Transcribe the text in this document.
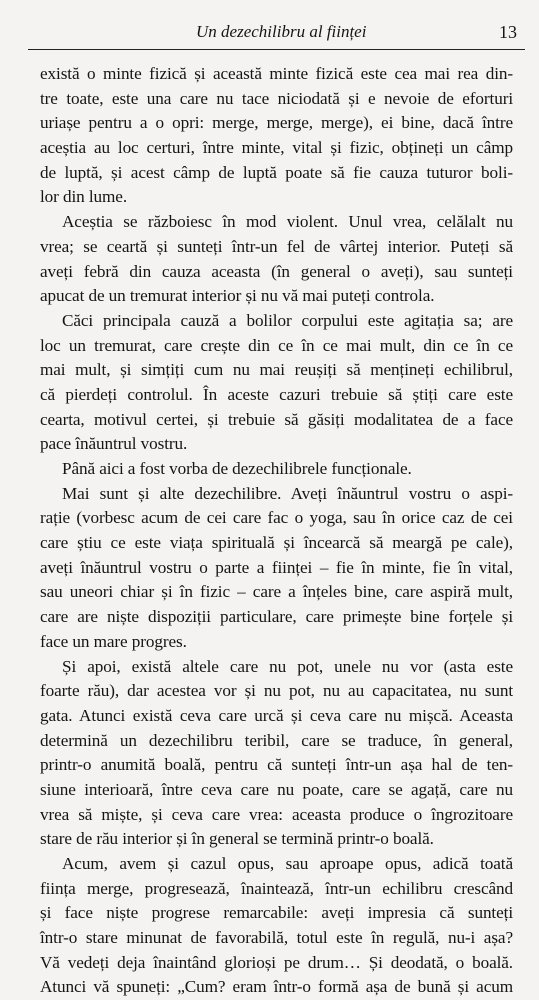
Un dezechilibru al ființei	13
există o minte fizică și această minte fizică este cea mai rea din-
tre toate, este una care nu tace niciodată și e nevoie de eforturi
uriașe pentru a o opri: merge, merge, merge), ei bine, dacă între
aceștia au loc certuri, între minte, vital și fizic, obțineți un câmp
de luptă, și acest câmp de luptă poate să fie cauza tuturor boli-
lor din lume.
Aceștia se războiesc în mod violent. Unul vrea, celălalt nu
vrea; se ceartă și sunteți într-un fel de vârtej interior. Puteți să
aveți febră din cauza aceasta (în general o aveți), sau sunteți
apucat de un tremurat interior și nu vă mai puteți controla.
Căci principala cauză a bolilor corpului este agitația sa; are
loc un tremurat, care crește din ce în ce mai mult, din ce în ce
mai mult, și simțiți cum nu mai reușiți să mențineți echilibrul,
că pierdeți controlul. În aceste cazuri trebuie să știți care este
cearta, motivul certei, și trebuie să găsiți modalitatea de a face
pace înăuntrul vostru.
Până aici a fost vorba de dezechilibrele funcționale.
Mai sunt și alte dezechilibre. Aveți înăuntrul vostru o aspi-
rație (vorbesc acum de cei care fac o yoga, sau în orice caz de cei
care știu ce este viața spirituală și încearcă să meargă pe cale),
aveți înăuntrul vostru o parte a ființei – fie în minte, fie în vital,
sau uneori chiar și în fizic – care a înțeles bine, care aspiră mult,
care are niște dispoziții particulare, care primește bine forțele și
face un mare progres.
Și apoi, există altele care nu pot, unele nu vor (asta este
foarte rău), dar acestea vor și nu pot, nu au capacitatea, nu sunt
gata. Atunci există ceva care urcă și ceva care nu mișcă. Aceasta
determină un dezechilibru teribil, care se traduce, în general,
printr-o anumită boală, pentru că sunteți într-un așa hal de ten-
siune interioară, între ceva care nu poate, care se agață, care nu
vrea să miște, și ceva care vrea: aceasta produce o îngrozitoare
stare de rău interior și în general se termină printr-o boală.
Acum, avem și cazul opus, sau aproape opus, adică toată
ființa merge, progresează, înaintează, într-un echilibru crescând
și face niște progrese remarcabile: aveți impresia că sunteți
într-o stare minunat de favorabilă, totul este în regulă, nu-i așa?
Vă vedeți deja înaintând glorioși pe drum… Și deodată, o boală.
Atunci vă spuneți: „Cum? eram într-o formă așa de bună și acum
